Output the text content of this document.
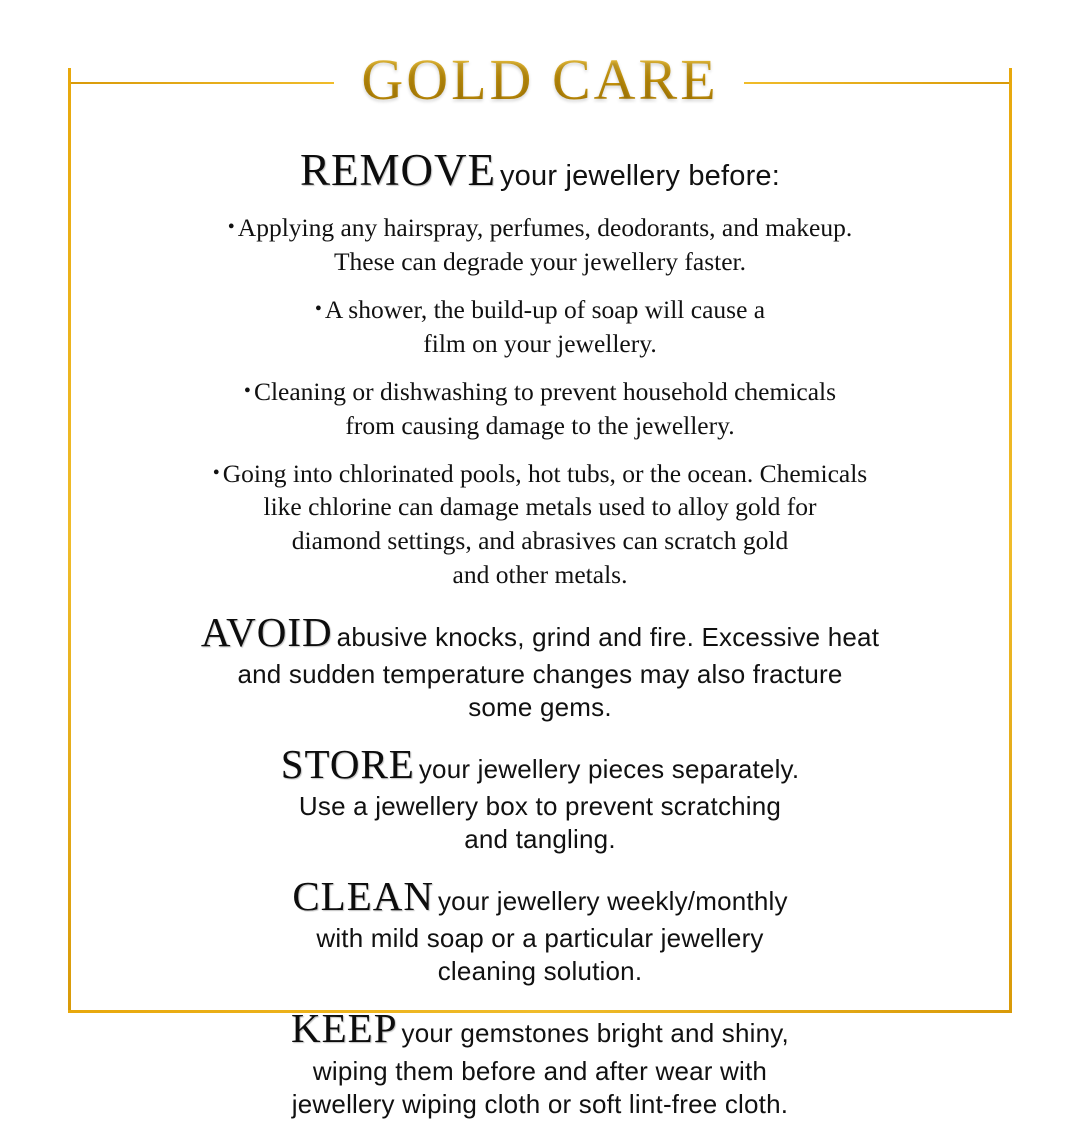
GOLD CARE
REMOVE your jewellery before:
• Applying any hairspray, perfumes, deodorants, and makeup.
These can degrade your jewellery faster.
• A shower, the build-up of soap will cause a
film on your jewellery.
• Cleaning or dishwashing to prevent household chemicals
from causing damage to the jewellery.
• Going into chlorinated pools, hot tubs, or the ocean. Chemicals
like chlorine can damage metals used to alloy gold for
diamond settings, and abrasives can scratch gold
and other metals.
AVOID abusive knocks, grind and fire. Excessive heat
and sudden temperature changes may also fracture
some gems.
STORE your jewellery pieces separately.
Use a jewellery box to prevent scratching
and tangling.
CLEAN your jewellery weekly/monthly
with mild soap or a particular jewellery
cleaning solution.
KEEP your gemstones bright and shiny,
wiping them before and after wear with
jewellery wiping cloth or soft lint-free cloth.
